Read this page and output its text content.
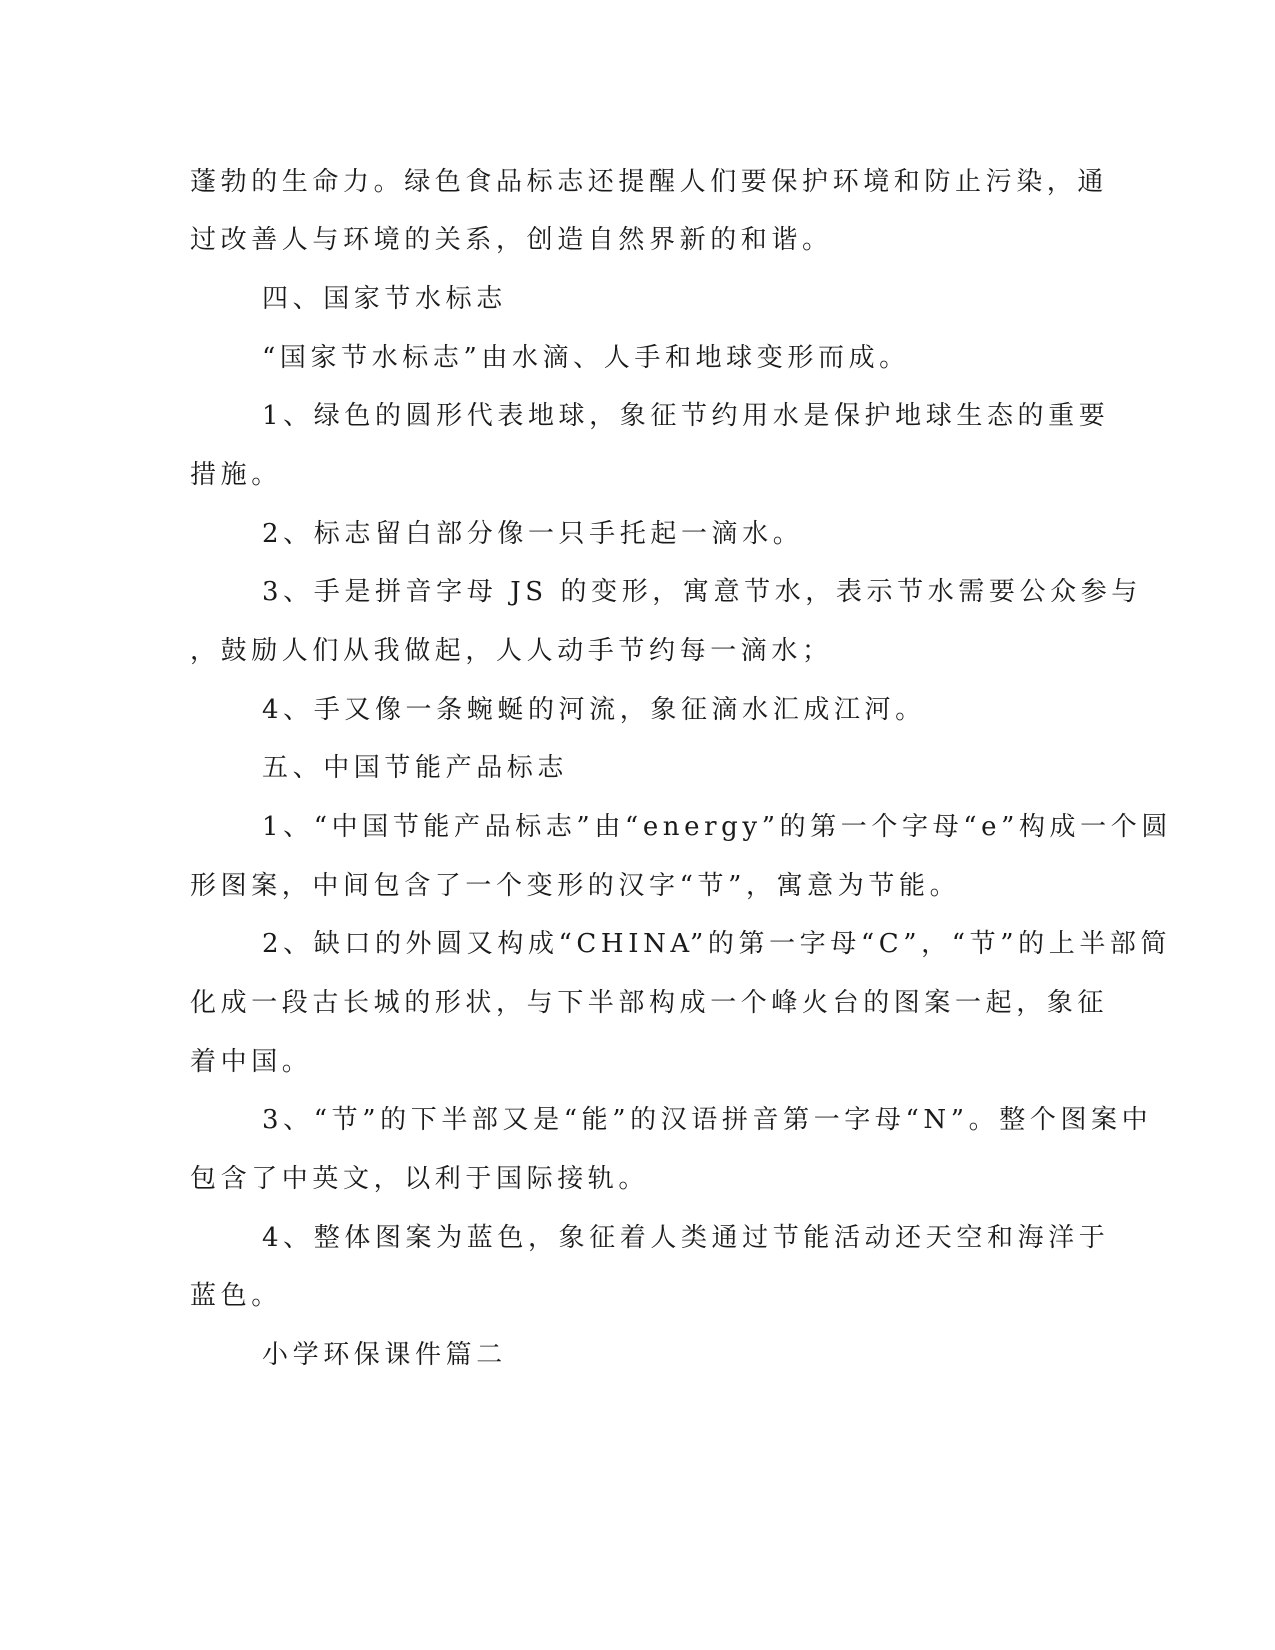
蓬勃的生命力。绿色食品标志还提醒人们要保护环境和防止污染，通
过改善人与环境的关系，创造自然界新的和谐。
四、国家节水标志
“国家节水标志”由水滴、人手和地球变形而成。
1、绿色的圆形代表地球，象征节约用水是保护地球生态的重要
措施。
2、标志留白部分像一只手托起一滴水。
3、手是拼音字母 JS 的变形，寓意节水，表示节水需要公众参与
，鼓励人们从我做起，人人动手节约每一滴水；
4、手又像一条蜿蜒的河流，象征滴水汇成江河。
五、中国节能产品标志
1、“中国节能产品标志”由“energy”的第一个字母“e”构成一个圆
形图案，中间包含了一个变形的汉字“节”，寓意为节能。
2、缺口的外圆又构成“CHINA”的第一字母“C”，“节”的上半部简
化成一段古长城的形状，与下半部构成一个峰火台的图案一起，象征
着中国。
3、“节”的下半部又是“能”的汉语拼音第一字母“N”。整个图案中
包含了中英文，以利于国际接轨。
4、整体图案为蓝色，象征着人类通过节能活动还天空和海洋于
蓝色。
小学环保课件篇二
